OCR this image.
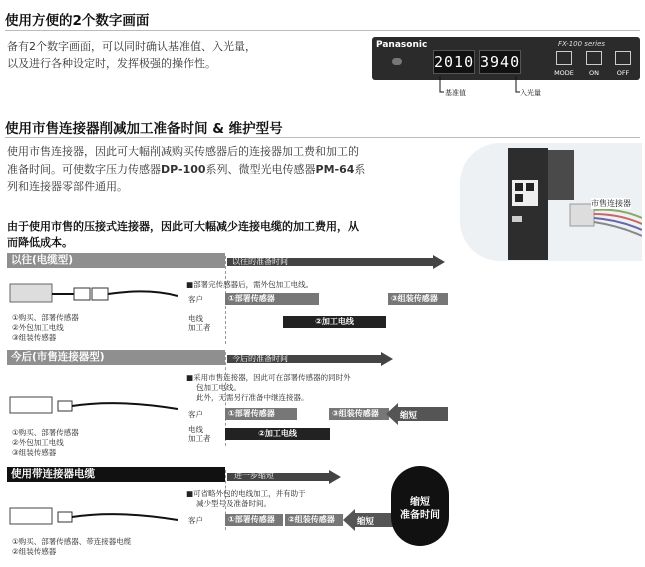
使用方便的2个数字画面
备有2个数字画面，可以同时确认基准值、入光量，
以及进行各种设定时，发挥极强的操作性。
Panasonic	FX-100 series
2010 3940
MODE	ON	OFF
基准值	入光量
使用市售连接器削减加工准备时间 & 维护型号
使用市售连接器，因此可大幅削减购买传感器后的连接器加工费和加工的
准备时间。可使数字压力传感器DP-100系列、微型光电传感器PM-64系
列和连接器零部件通用。
市售连接器
由于使用市售的压接式连接器，因此可大幅减少连接电缆的加工费用，从
而降低成本。
以往(电缆型)	以往的准备时间
■部署完传感器后，需外包加工电线。
①购买、部署传感器
②外包加工电线
③组装传感器
客户	①部署传感器	③组装传感器
电线
加工者
②加工电线
今后(市售连接器型)	今后的准备时间
■采用市售连接器，因此可在部署传感器的同时外
包加工电线。
此外，无需另行准备中继连接器。
①购买、部署传感器
②外包加工电线
③组装传感器
客户	①部署传感器	③组装传感器	缩短
电线
加工者
②加工电线
使用带连接器电缆	进一步缩短
■可省略外包的电线加工，并有助于
减少型号及准备时间。
①购买、部署传感器、带连接器电缆
②组装传感器
客户	①部署传感器	②组装传感器	缩短
缩短
准备时间
